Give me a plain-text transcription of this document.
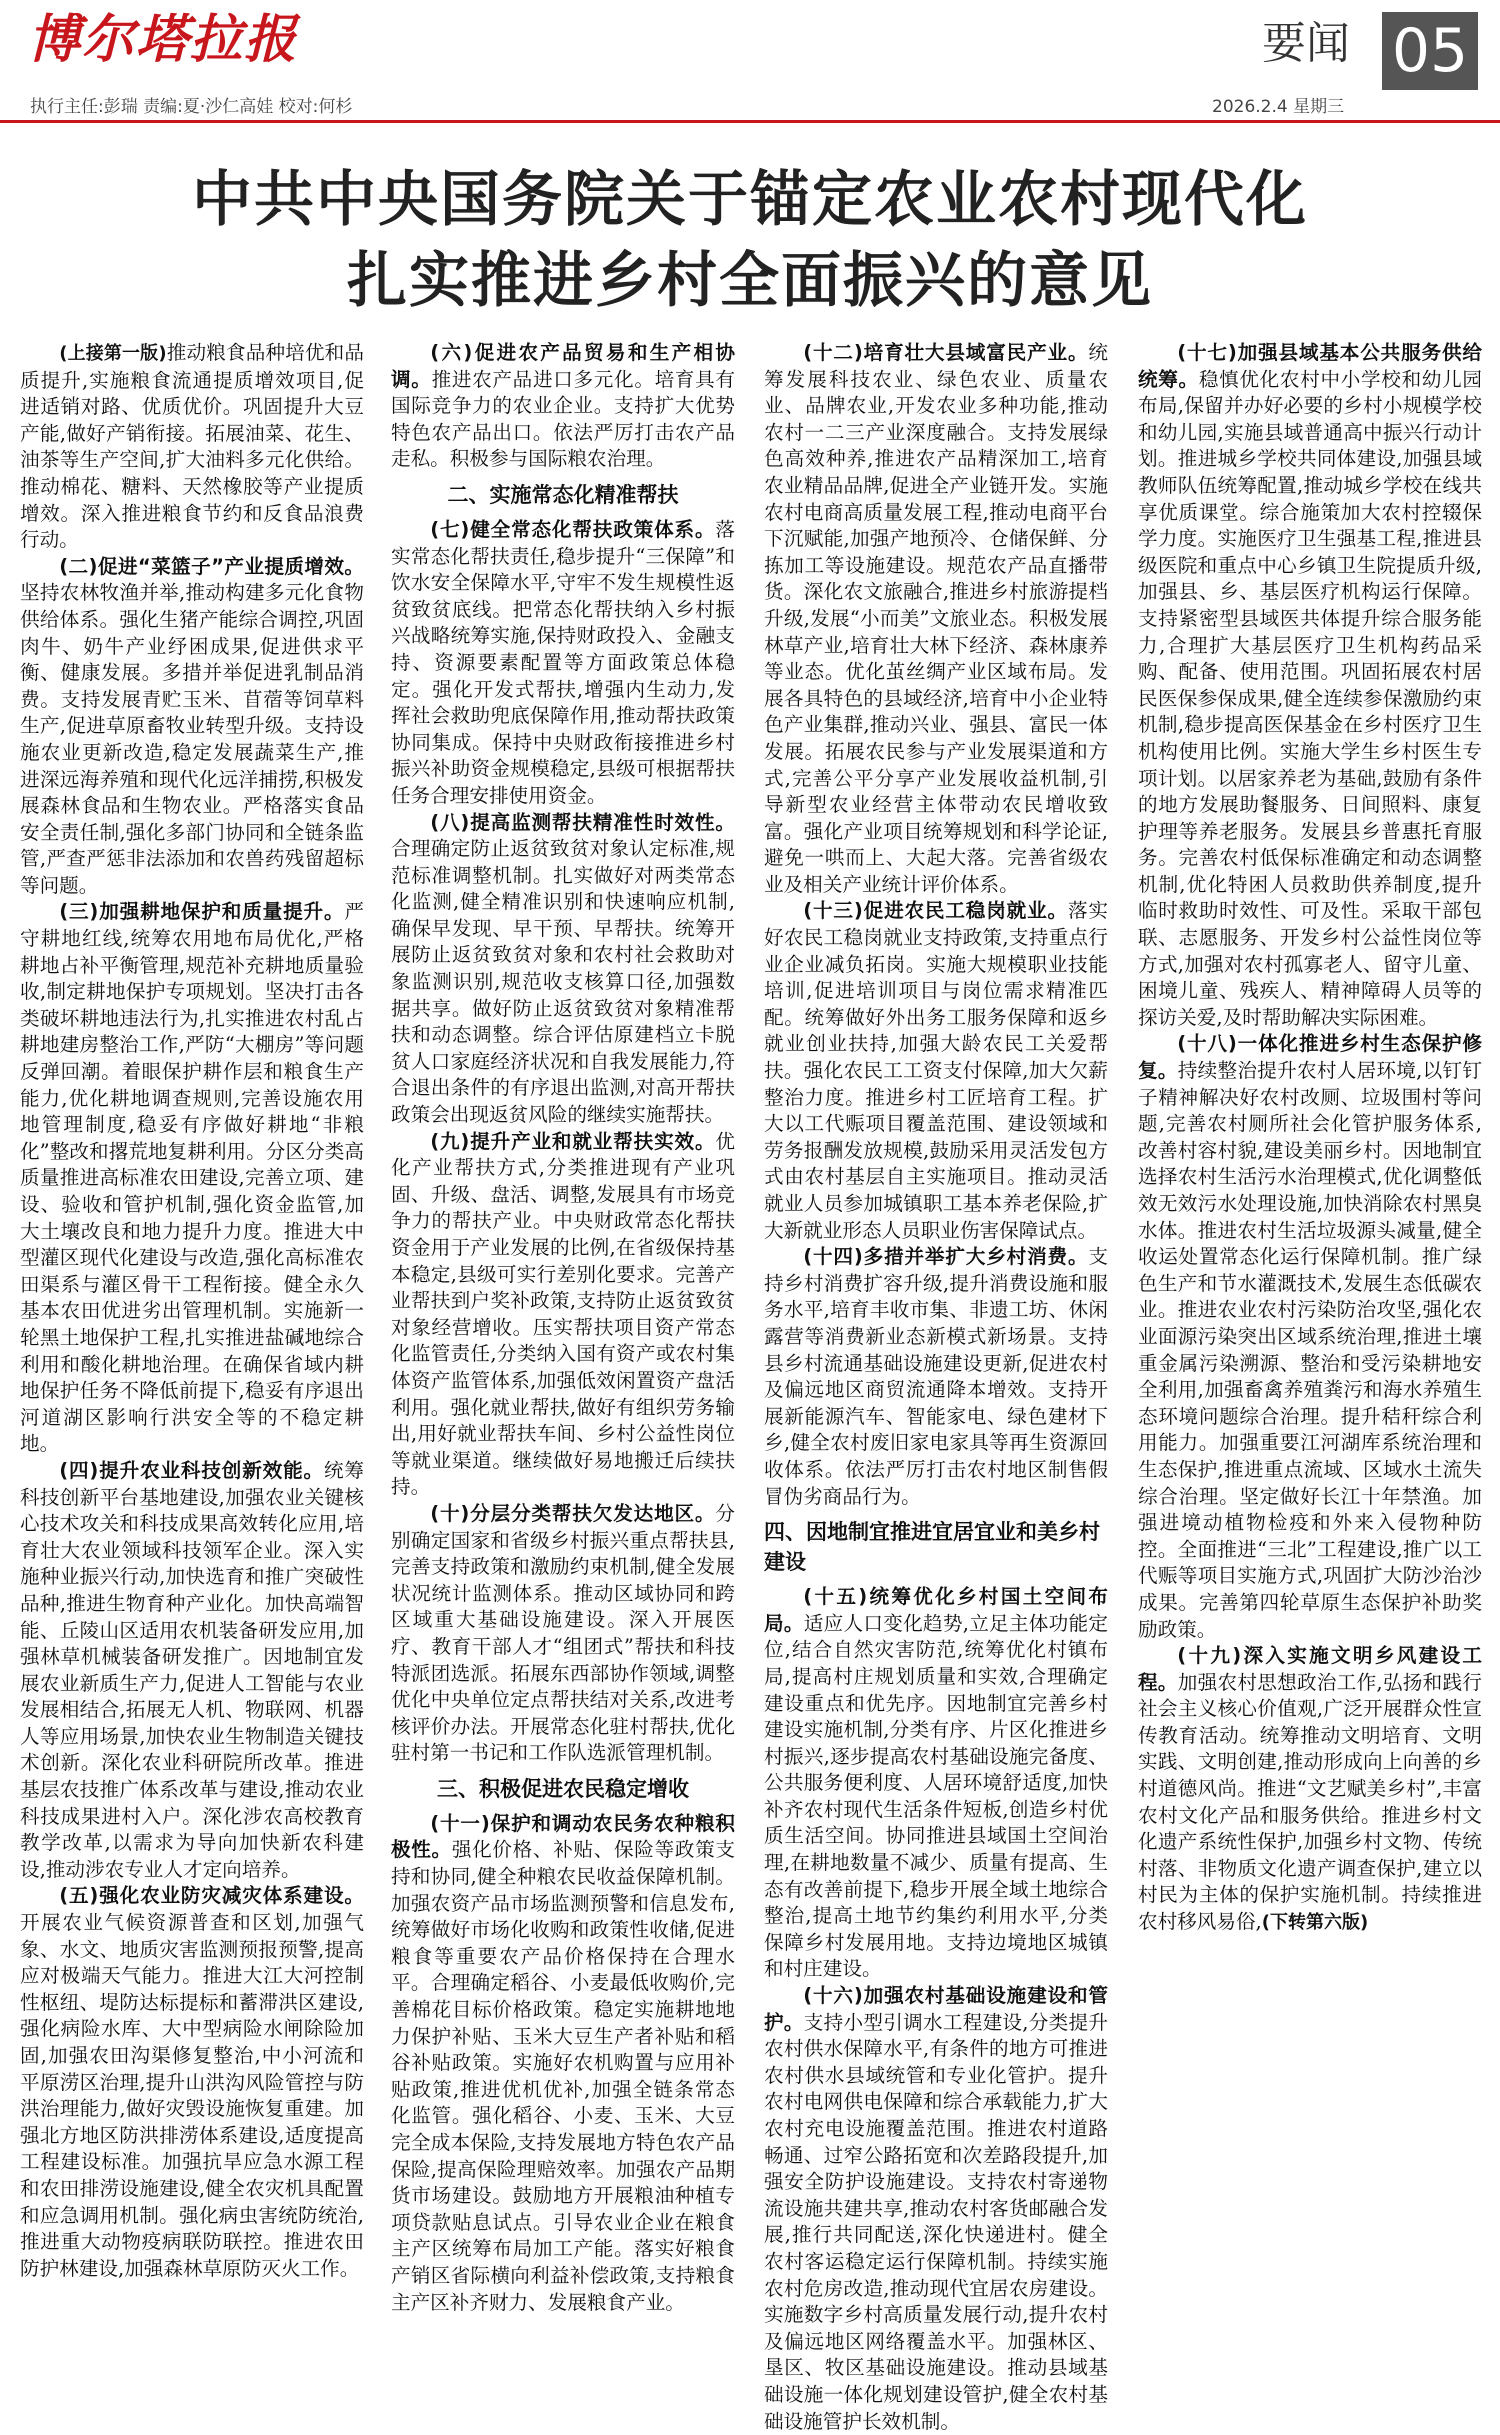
博尔塔拉报	要闻 05
执行主任:彭瑞 责编:夏·沙仁高娃 校对:何杉	2026.2.4 星期三
中共中央国务院关于锚定农业农村现代化
扎实推进乡村全面振兴的意见

(上接第一版)推动粮食品种培优和品质提升,实施粮食流通提质增效项目,促进适销对路、优质优价。巩固提升大豆产能,做好产销衔接。拓展油菜、花生、油茶等生产空间,扩大油料多元化供给。推动棉花、糖料、天然橡胶等产业提质增效。深入推进粮食节约和反食品浪费行动。

(二)促进“菜篮子”产业提质增效。坚持农林牧渔并举,推动构建多元化食物供给体系。强化生猪产能综合调控,巩固肉牛、奶牛产业纾困成果,促进供求平衡、健康发展。多措并举促进乳制品消费。支持发展青贮玉米、苜蓿等饲草料生产,促进草原畜牧业转型升级。支持设施农业更新改造,稳定发展蔬菜生产,推进深远海养殖和现代化远洋捕捞,积极发展森林食品和生物农业。严格落实食品安全责任制,强化多部门协同和全链条监管,严查严惩非法添加和农兽药残留超标等问题。

(三)加强耕地保护和质量提升。严守耕地红线,统筹农用地布局优化,严格耕地占补平衡管理,规范补充耕地质量验收,制定耕地保护专项规划。坚决打击各类破坏耕地违法行为,扎实推进农村乱占耕地建房整治工作,严防“大棚房”等问题反弹回潮。着眼保护耕作层和粮食生产能力,优化耕地调查规则,完善设施农用地管理制度,稳妥有序做好耕地“非粮化”整改和撂荒地复耕利用。分区分类高质量推进高标准农田建设,完善立项、建设、验收和管护机制,强化资金监管,加大土壤改良和地力提升力度。推进大中型灌区现代化建设与改造,强化高标准农田渠系与灌区骨干工程衔接。健全永久基本农田优进劣出管理机制。实施新一轮黑土地保护工程,扎实推进盐碱地综合利用和酸化耕地治理。在确保省域内耕地保护任务不降低前提下,稳妥有序退出河道湖区影响行洪安全等的不稳定耕地。

(四)提升农业科技创新效能。统筹科技创新平台基地建设,加强农业关键核心技术攻关和科技成果高效转化应用,培育壮大农业领域科技领军企业。深入实施种业振兴行动,加快选育和推广突破性品种,推进生物育种产业化。加快高端智能、丘陵山区适用农机装备研发应用,加强林草机械装备研发推广。因地制宜发展农业新质生产力,促进人工智能与农业发展相结合,拓展无人机、物联网、机器人等应用场景,加快农业生物制造关键技术创新。深化农业科研院所改革。推进基层农技推广体系改革与建设,推动农业科技成果进村入户。深化涉农高校教育教学改革,以需求为导向加快新农科建设,推动涉农专业人才定向培养。

(五)强化农业防灾减灾体系建设。开展农业气候资源普查和区划,加强气象、水文、地质灾害监测预报预警,提高应对极端天气能力。推进大江大河控制性枢纽、堤防达标提标和蓄滞洪区建设,强化病险水库、大中型病险水闸除险加固,加强农田沟渠修复整治,中小河流和平原涝区治理,提升山洪沟风险管控与防洪治理能力,做好灾毁设施恢复重建。加强北方地区防洪排涝体系建设,适度提高工程建设标准。加强抗旱应急水源工程和农田排涝设施建设,健全农灾机具配置和应急调用机制。强化病虫害统防统治,推进重大动物疫病联防联控。推进农田防护林建设,加强森林草原防灭火工作。

(六)促进农产品贸易和生产相协调。推进农产品进口多元化。培育具有国际竞争力的农业企业。支持扩大优势特色农产品出口。依法严厉打击农产品走私。积极参与国际粮农治理。

二、实施常态化精准帮扶

(七)健全常态化帮扶政策体系。落实常态化帮扶责任,稳步提升“三保障”和饮水安全保障水平,守牢不发生规模性返贫致贫底线。把常态化帮扶纳入乡村振兴战略统筹实施,保持财政投入、金融支持、资源要素配置等方面政策总体稳定。强化开发式帮扶,增强内生动力,发挥社会救助兜底保障作用,推动帮扶政策协同集成。保持中央财政衔接推进乡村振兴补助资金规模稳定,县级可根据帮扶任务合理安排使用资金。

(八)提高监测帮扶精准性时效性。合理确定防止返贫致贫对象认定标准,规范标准调整机制。扎实做好对两类常态化监测,健全精准识别和快速响应机制,确保早发现、早干预、早帮扶。统筹开展防止返贫致贫对象和农村社会救助对象监测识别,规范收支核算口径,加强数据共享。做好防止返贫致贫对象精准帮扶和动态调整。综合评估原建档立卡脱贫人口家庭经济状况和自我发展能力,符合退出条件的有序退出监测,对高开帮扶政策会出现返贫风险的继续实施帮扶。

(九)提升产业和就业帮扶实效。优化产业帮扶方式,分类推进现有产业巩固、升级、盘活、调整,发展具有市场竞争力的帮扶产业。中央财政常态化帮扶资金用于产业发展的比例,在省级保持基本稳定,县级可实行差别化要求。完善产业帮扶到户奖补政策,支持防止返贫致贫对象经营增收。压实帮扶项目资产常态化监管责任,分类纳入国有资产或农村集体资产监管体系,加强低效闲置资产盘活利用。强化就业帮扶,做好有组织劳务输出,用好就业帮扶车间、乡村公益性岗位等就业渠道。继续做好易地搬迁后续扶持。

(十)分层分类帮扶欠发达地区。分别确定国家和省级乡村振兴重点帮扶县,完善支持政策和激励约束机制,健全发展状况统计监测体系。推动区域协同和跨区域重大基础设施建设。深入开展医疗、教育干部人才“组团式”帮扶和科技特派团选派。拓展东西部协作领域,调整优化中央单位定点帮扶结对关系,改进考核评价办法。开展常态化驻村帮扶,优化驻村第一书记和工作队选派管理机制。

三、积极促进农民稳定增收

(十一)保护和调动农民务农种粮积极性。强化价格、补贴、保险等政策支持和协同,健全种粮农民收益保障机制。加强农资产品市场监测预警和信息发布,统筹做好市场化收购和政策性收储,促进粮食等重要农产品价格保持在合理水平。合理确定稻谷、小麦最低收购价,完善棉花目标价格政策。稳定实施耕地地力保护补贴、玉米大豆生产者补贴和稻谷补贴政策。实施好农机购置与应用补贴政策,推进优机优补,加强全链条常态化监管。强化稻谷、小麦、玉米、大豆完全成本保险,支持发展地方特色农产品保险,提高保险理赔效率。加强农产品期货市场建设。鼓励地方开展粮油种植专项贷款贴息试点。引导农业企业在粮食主产区统筹布局加工产能。落实好粮食产销区省际横向利益补偿政策,支持粮食主产区补齐财力、发展粮食产业。

(十二)培育壮大县域富民产业。统筹发展科技农业、绿色农业、质量农业、品牌农业,开发农业多种功能,推动农村一二三产业深度融合。支持发展绿色高效种养,推进农产品精深加工,培育农业精品品牌,促进全产业链开发。实施农村电商高质量发展工程,推动电商平台下沉赋能,加强产地预冷、仓储保鲜、分拣加工等设施建设。规范农产品直播带货。深化农文旅融合,推进乡村旅游提档升级,发展“小而美”文旅业态。积极发展林草产业,培育壮大林下经济、森林康养等业态。优化茧丝绸产业区域布局。发展各具特色的县域经济,培育中小企业特色产业集群,推动兴业、强县、富民一体发展。拓展农民参与产业发展渠道和方式,完善公平分享产业发展收益机制,引导新型农业经营主体带动农民增收致富。强化产业项目统筹规划和科学论证,避免一哄而上、大起大落。完善省级农业及相关产业统计评价体系。

(十三)促进农民工稳岗就业。落实好农民工稳岗就业支持政策,支持重点行业企业减负拓岗。实施大规模职业技能培训,促进培训项目与岗位需求精准匹配。统筹做好外出务工服务保障和返乡就业创业扶持,加强大龄农民工关爱帮扶。强化农民工工资支付保障,加大欠薪整治力度。推进乡村工匠培育工程。扩大以工代赈项目覆盖范围、建设领域和劳务报酬发放规模,鼓励采用灵活发包方式由农村基层自主实施项目。推动灵活就业人员参加城镇职工基本养老保险,扩大新就业形态人员职业伤害保障试点。

(十四)多措并举扩大乡村消费。支持乡村消费扩容升级,提升消费设施和服务水平,培育丰收市集、非遗工坊、休闲露营等消费新业态新模式新场景。支持县乡村流通基础设施建设更新,促进农村及偏远地区商贸流通降本增效。支持开展新能源汽车、智能家电、绿色建材下乡,健全农村废旧家电家具等再生资源回收体系。依法严厉打击农村地区制售假冒伪劣商品行为。

四、因地制宜推进宜居宜业和美乡村建设

(十五)统筹优化乡村国土空间布局。适应人口变化趋势,立足主体功能定位,结合自然灾害防范,统筹优化村镇布局,提高村庄规划质量和实效,合理确定建设重点和优先序。因地制宜完善乡村建设实施机制,分类有序、片区化推进乡村振兴,逐步提高农村基础设施完备度、公共服务便利度、人居环境舒适度,加快补齐农村现代生活条件短板,创造乡村优质生活空间。协同推进县域国土空间治理,在耕地数量不减少、质量有提高、生态有改善前提下,稳步开展全域土地综合整治,提高土地节约集约利用水平,分类保障乡村发展用地。支持边境地区城镇和村庄建设。

(十六)加强农村基础设施建设和管护。支持小型引调水工程建设,分类提升农村供水保障水平,有条件的地方可推进农村供水县域统管和专业化管护。提升农村电网供电保障和综合承载能力,扩大农村充电设施覆盖范围。推进农村道路畅通、过窄公路拓宽和次差路段提升,加强安全防护设施建设。支持农村寄递物流设施共建共享,推动农村客货邮融合发展,推行共同配送,深化快递进村。健全农村客运稳定运行保障机制。持续实施农村危房改造,推动现代宜居农房建设。实施数字乡村高质量发展行动,提升农村及偏远地区网络覆盖水平。加强林区、垦区、牧区基础设施建设。推动县域基础设施一体化规划建设管护,健全农村基础设施管护长效机制。

(十七)加强县域基本公共服务供给统筹。稳慎优化农村中小学校和幼儿园布局,保留并办好必要的乡村小规模学校和幼儿园,实施县域普通高中振兴行动计划。推进城乡学校共同体建设,加强县域教师队伍统筹配置,推动城乡学校在线共享优质课堂。综合施策加大农村控辍保学力度。实施医疗卫生强基工程,推进县级医院和重点中心乡镇卫生院提质升级,加强县、乡、基层医疗机构运行保障。支持紧密型县域医共体提升综合服务能力,合理扩大基层医疗卫生机构药品采购、配备、使用范围。巩固拓展农村居民医保参保成果,健全连续参保激励约束机制,稳步提高医保基金在乡村医疗卫生机构使用比例。实施大学生乡村医生专项计划。以居家养老为基础,鼓励有条件的地方发展助餐服务、日间照料、康复护理等养老服务。发展县乡普惠托育服务。完善农村低保标准确定和动态调整机制,优化特困人员救助供养制度,提升临时救助时效性、可及性。采取干部包联、志愿服务、开发乡村公益性岗位等方式,加强对农村孤寡老人、留守儿童、困境儿童、残疾人、精神障碍人员等的探访关爱,及时帮助解决实际困难。

(十八)一体化推进乡村生态保护修复。持续整治提升农村人居环境,以钉钉子精神解决好农村改厕、垃圾围村等问题,完善农村厕所社会化管护服务体系,改善村容村貌,建设美丽乡村。因地制宜选择农村生活污水治理模式,优化调整低效无效污水处理设施,加快消除农村黑臭水体。推进农村生活垃圾源头减量,健全收运处置常态化运行保障机制。推广绿色生产和节水灌溉技术,发展生态低碳农业。推进农业农村污染防治攻坚,强化农业面源污染突出区域系统治理,推进土壤重金属污染溯源、整治和受污染耕地安全利用,加强畜禽养殖粪污和海水养殖生态环境问题综合治理。提升秸秆综合利用能力。加强重要江河湖库系统治理和生态保护,推进重点流域、区域水土流失综合治理。坚定做好长江十年禁渔。加强进境动植物检疫和外来入侵物种防控。全面推进“三北”工程建设,推广以工代赈等项目实施方式,巩固扩大防沙治沙成果。完善第四轮草原生态保护补助奖励政策。

(十九)深入实施文明乡风建设工程。加强农村思想政治工作,弘扬和践行社会主义核心价值观,广泛开展群众性宣传教育活动。统筹推动文明培育、文明实践、文明创建,推动形成向上向善的乡村道德风尚。推进“文艺赋美乡村”,丰富农村文化产品和服务供给。推进乡村文化遗产系统性保护,加强乡村文物、传统村落、非物质文化遗产调查保护,建立以村民为主体的保护实施机制。持续推进农村移风易俗,(下转第六版)
